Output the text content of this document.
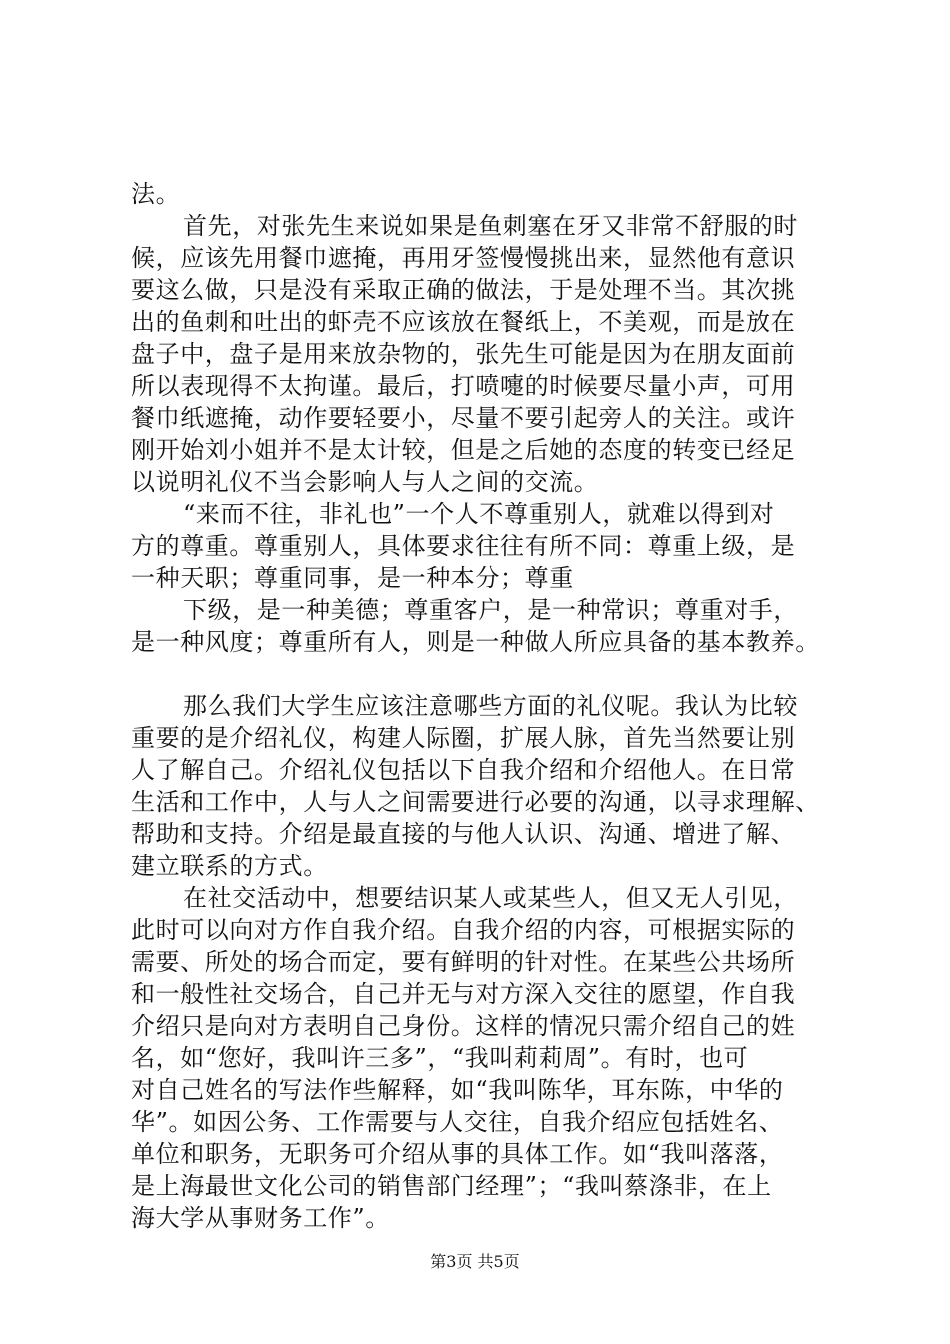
法。
首先，对张先生来说如果是鱼刺塞在牙又非常不舒服的时
候，应该先用餐巾遮掩，再用牙签慢慢挑出来，显然他有意识
要这么做，只是没有采取正确的做法，于是处理不当。其次挑
出的鱼刺和吐出的虾壳不应该放在餐纸上，不美观，而是放在
盘子中，盘子是用来放杂物的，张先生可能是因为在朋友面前
所以表现得不太拘谨。最后，打喷嚏的时候要尽量小声，可用
餐巾纸遮掩，动作要轻要小，尽量不要引起旁人的关注。或许
刚开始刘小姐并不是太计较，但是之后她的态度的转变已经足
以说明礼仪不当会影响人与人之间的交流。
“来而不往，非礼也”一个人不尊重别人，就难以得到对
方的尊重。尊重别人，具体要求往往有所不同：尊重上级，是
一种天职；尊重同事，是一种本分；尊重
下级，是一种美德；尊重客户，是一种常识；尊重对手，
是一种风度；尊重所有人，则是一种做人所应具备的基本教养。
那么我们大学生应该注意哪些方面的礼仪呢。我认为比较
重要的是介绍礼仪，构建人际圈，扩展人脉，首先当然要让别
人了解自己。介绍礼仪包括以下自我介绍和介绍他人。在日常
生活和工作中，人与人之间需要进行必要的沟通，以寻求理解、
帮助和支持。介绍是最直接的与他人认识、沟通、增进了解、
建立联系的方式。
在社交活动中，想要结识某人或某些人，但又无人引见，
此时可以向对方作自我介绍。自我介绍的内容，可根据实际的
需要、所处的场合而定，要有鲜明的针对性。在某些公共场所
和一般性社交场合，自己并无与对方深入交往的愿望，作自我
介绍只是向对方表明自己身份。这样的情况只需介绍自己的姓
名，如“您好，我叫许三多”，“我叫莉莉周”。有时，也可
对自己姓名的写法作些解释，如“我叫陈华，耳东陈，中华的
华”。如因公务、工作需要与人交往，自我介绍应包括姓名、
单位和职务，无职务可介绍从事的具体工作。如“我叫落落，
是上海最世文化公司的销售部门经理”；“我叫蔡涤非，在上
海大学从事财务工作”。
第3页 共5页
